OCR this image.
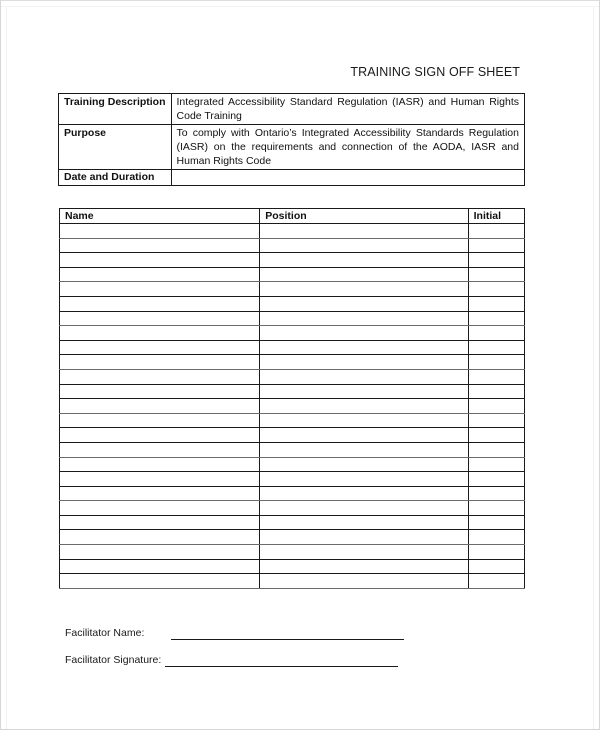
TRAINING SIGN OFF SHEET
Training Description	Integrated Accessibility Standard Regulation (IASR) and Human Rights Code Training
Purpose	To comply with Ontario’s Integrated Accessibility Standards Regulation (IASR) on the requirements and connection of the AODA, IASR and Human Rights Code
Date and Duration	
Name	Position	Initial

Facilitator Name:
Facilitator Signature:
